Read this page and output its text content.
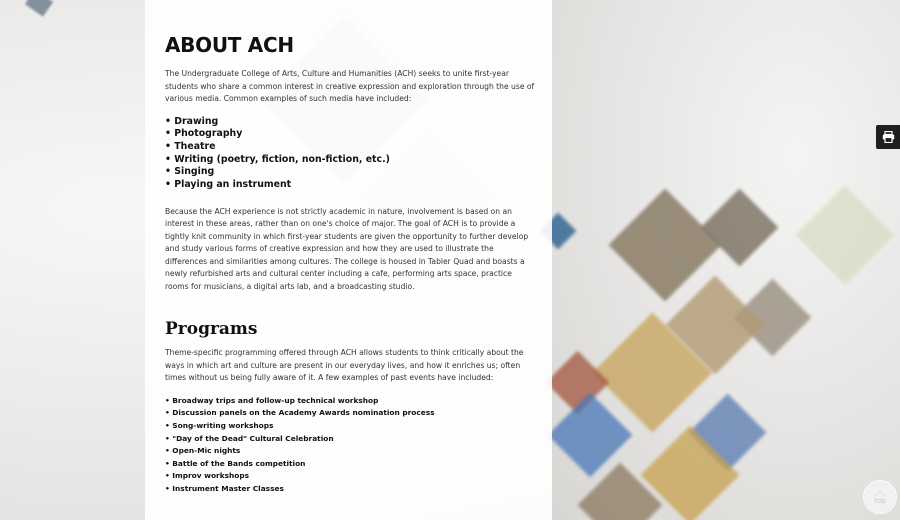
ABOUT ACH

The Undergraduate College of Arts, Culture and Humanities (ACH) seeks to unite first-year students who share a common interest in creative expression and exploration through the use of various media. Common examples of such media have included:

• Drawing
• Photography
• Theatre
• Writing (poetry, fiction, non-fiction, etc.)
• Singing
• Playing an instrument

Because the ACH experience is not strictly academic in nature, involvement is based on an interest in these areas, rather than on one's choice of major. The goal of ACH is to provide a tightly knit community in which first-year students are given the opportunity to further develop and study various forms of creative expression and how they are used to illustrate the differences and similarities among cultures. The college is housed in Tabler Quad and boasts a newly refurbished arts and cultural center including a cafe, performing arts space, practice rooms for musicians, a digital arts lab, and a broadcasting studio.

Programs

Theme-specific programming offered through ACH allows students to think critically about the ways in which art and culture are present in our everyday lives, and how it enriches us; often times without us being fully aware of it. A few examples of past events have included:

• Broadway trips and follow-up technical workshop
• Discussion panels on the Academy Awards nomination process
• Song-writing workshops
• "Day of the Dead" Cultural Celebration
• Open-Mic nights
• Battle of the Bands competition
• Improv workshops
• Instrument Master Classes	︿
top
